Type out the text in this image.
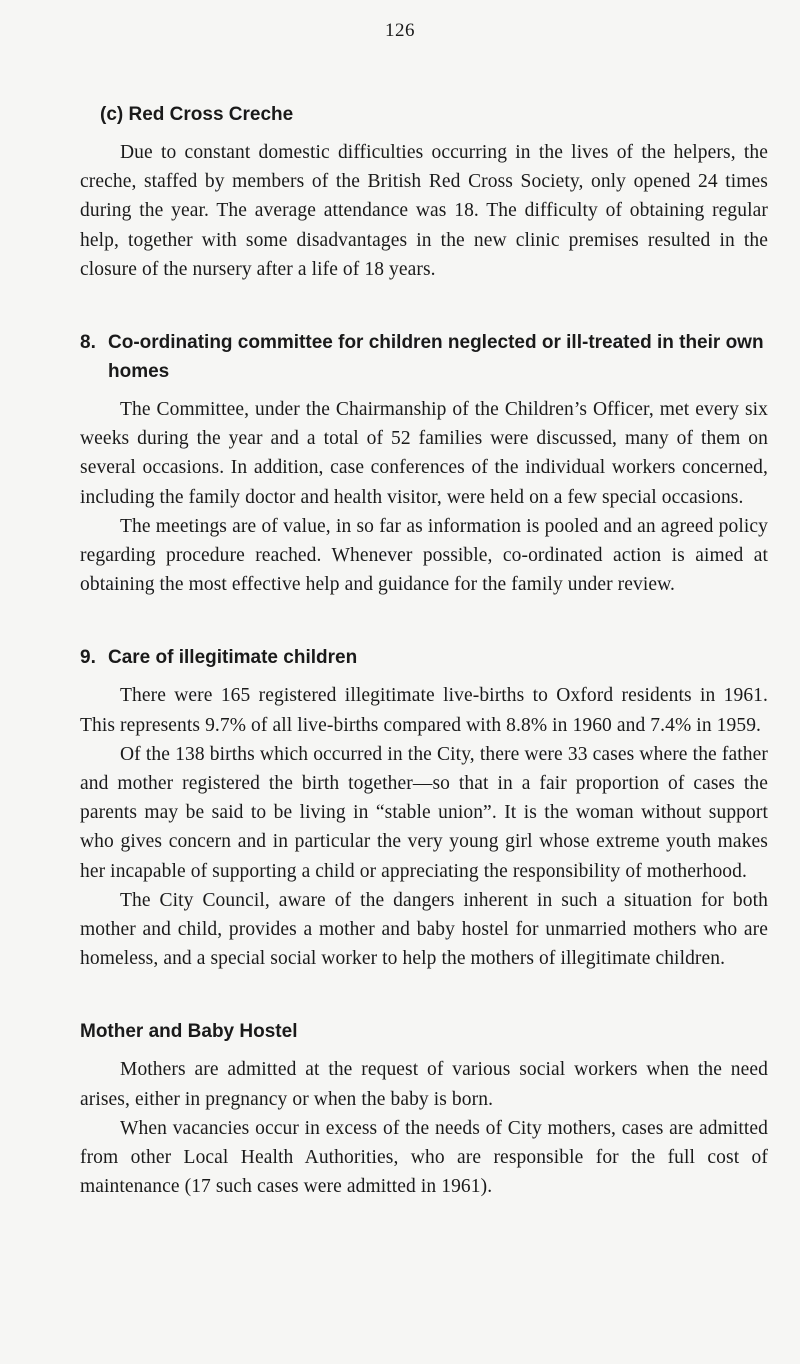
126
(c) Red Cross Creche

Due to constant domestic difficulties occurring in the lives of the helpers, the creche, staffed by members of the British Red Cross Society, only opened 24 times during the year. The average attendance was 18. The difficulty of obtaining regular help, together with some disadvantages in the new clinic premises resulted in the closure of the nursery after a life of 18 years.

8. Co-ordinating committee for children neglected or ill-treated in their own homes

The Committee, under the Chairmanship of the Children’s Officer, met every six weeks during the year and a total of 52 families were discussed, many of them on several occasions. In addition, case conferences of the individual workers concerned, including the family doctor and health visitor, were held on a few special occasions.

The meetings are of value, in so far as information is pooled and an agreed policy regarding procedure reached. Whenever possible, co-ordinated action is aimed at obtaining the most effective help and guidance for the family under review.

9. Care of illegitimate children

There were 165 registered illegitimate live-births to Oxford residents in 1961. This represents 9.7% of all live-births compared with 8.8% in 1960 and 7.4% in 1959.

Of the 138 births which occurred in the City, there were 33 cases where the father and mother registered the birth together—so that in a fair proportion of cases the parents may be said to be living in “stable union”. It is the woman without support who gives concern and in particular the very young girl whose extreme youth makes her incapable of supporting a child or appreciating the responsibility of motherhood.

The City Council, aware of the dangers inherent in such a situation for both mother and child, provides a mother and baby hostel for unmarried mothers who are homeless, and a special social worker to help the mothers of illegitimate children.

Mother and Baby Hostel

Mothers are admitted at the request of various social workers when the need arises, either in pregnancy or when the baby is born.

When vacancies occur in excess of the needs of City mothers, cases are admitted from other Local Health Authorities, who are responsible for the full cost of maintenance (17 such cases were admitted in 1961).
